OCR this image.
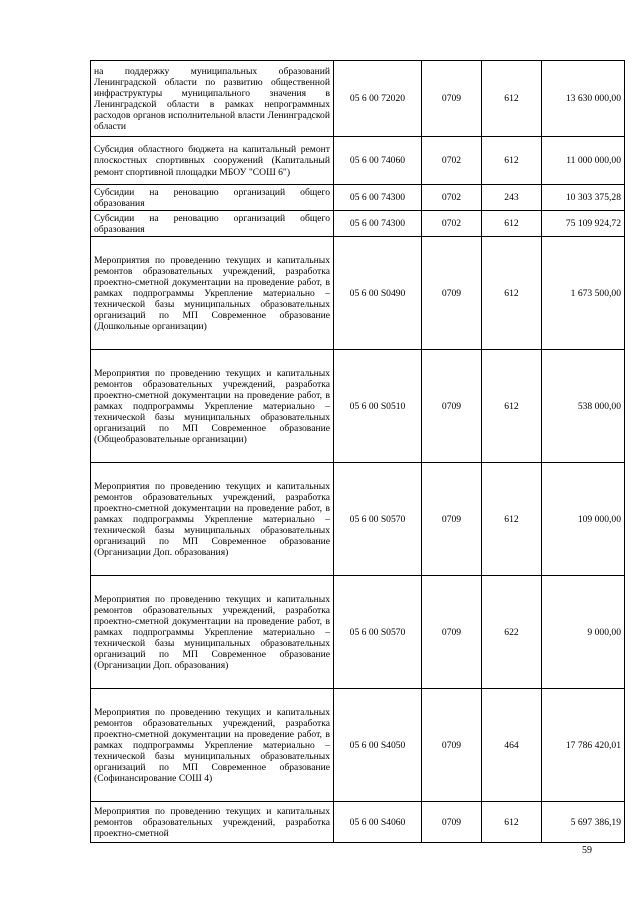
на поддержку муниципальных образований Ленинградской области по развитию общественной инфраструктуры муниципального значения в Ленинградской области в рамках непрограммных расходов органов исполнительной власти Ленинградской области	05 6 00 72020	0709	612	13 630 000,00
Субсидия областного бюджета на капитальный ремонт плоскостных спортивных сооружений (Капитальный ремонт спортивной площадки МБОУ "СОШ 6")	05 6 00 74060	0702	612	11 000 000,00
Субсидии на реновацию организаций общего образования	05 6 00 74300	0702	243	10 303 375,28
Субсидии на реновацию организаций общего образования	05 6 00 74300	0702	612	75 109 924,72
Мероприятия по проведению текущих и капитальных ремонтов образовательных учреждений, разработка проектно-сметной документации на проведение работ, в рамках подпрограммы Укрепление материально – технической базы муниципальных образовательных организаций по МП Современное образование (Дошкольные организации)	05 6 00 S0490	0709	612	1 673 500,00
Мероприятия по проведению текущих и капитальных ремонтов образовательных учреждений, разработка проектно-сметной документации на проведение работ, в рамках подпрограммы Укрепление материально – технической базы муниципальных образовательных организаций по МП Современное образование (Общеобразовательные организации)	05 6 00 S0510	0709	612	538 000,00
Мероприятия по проведению текущих и капитальных ремонтов образовательных учреждений, разработка проектно-сметной документации на проведение работ, в рамках подпрограммы Укрепление материально – технической базы муниципальных образовательных организаций по МП Современное образование (Организации Доп. образования)	05 6 00 S0570	0709	612	109 000,00
Мероприятия по проведению текущих и капитальных ремонтов образовательных учреждений, разработка проектно-сметной документации на проведение работ, в рамках подпрограммы Укрепление материально – технической базы муниципальных образовательных организаций по МП Современное образование (Организации Доп. образования)	05 6 00 S0570	0709	622	9 000,00
Мероприятия по проведению текущих и капитальных ремонтов образовательных учреждений, разработка проектно-сметной документации на проведение работ, в рамках подпрограммы Укрепление материально – технической базы муниципальных образовательных организаций по МП Современное образование (Софинансирование СОШ 4)	05 6 00 S4050	0709	464	17 786 420,01
Мероприятия по проведению текущих и капитальных ремонтов образовательных учреждений, разработка проектно-сметной	05 6 00 S4060	0709	612	5 697 386,19
59
